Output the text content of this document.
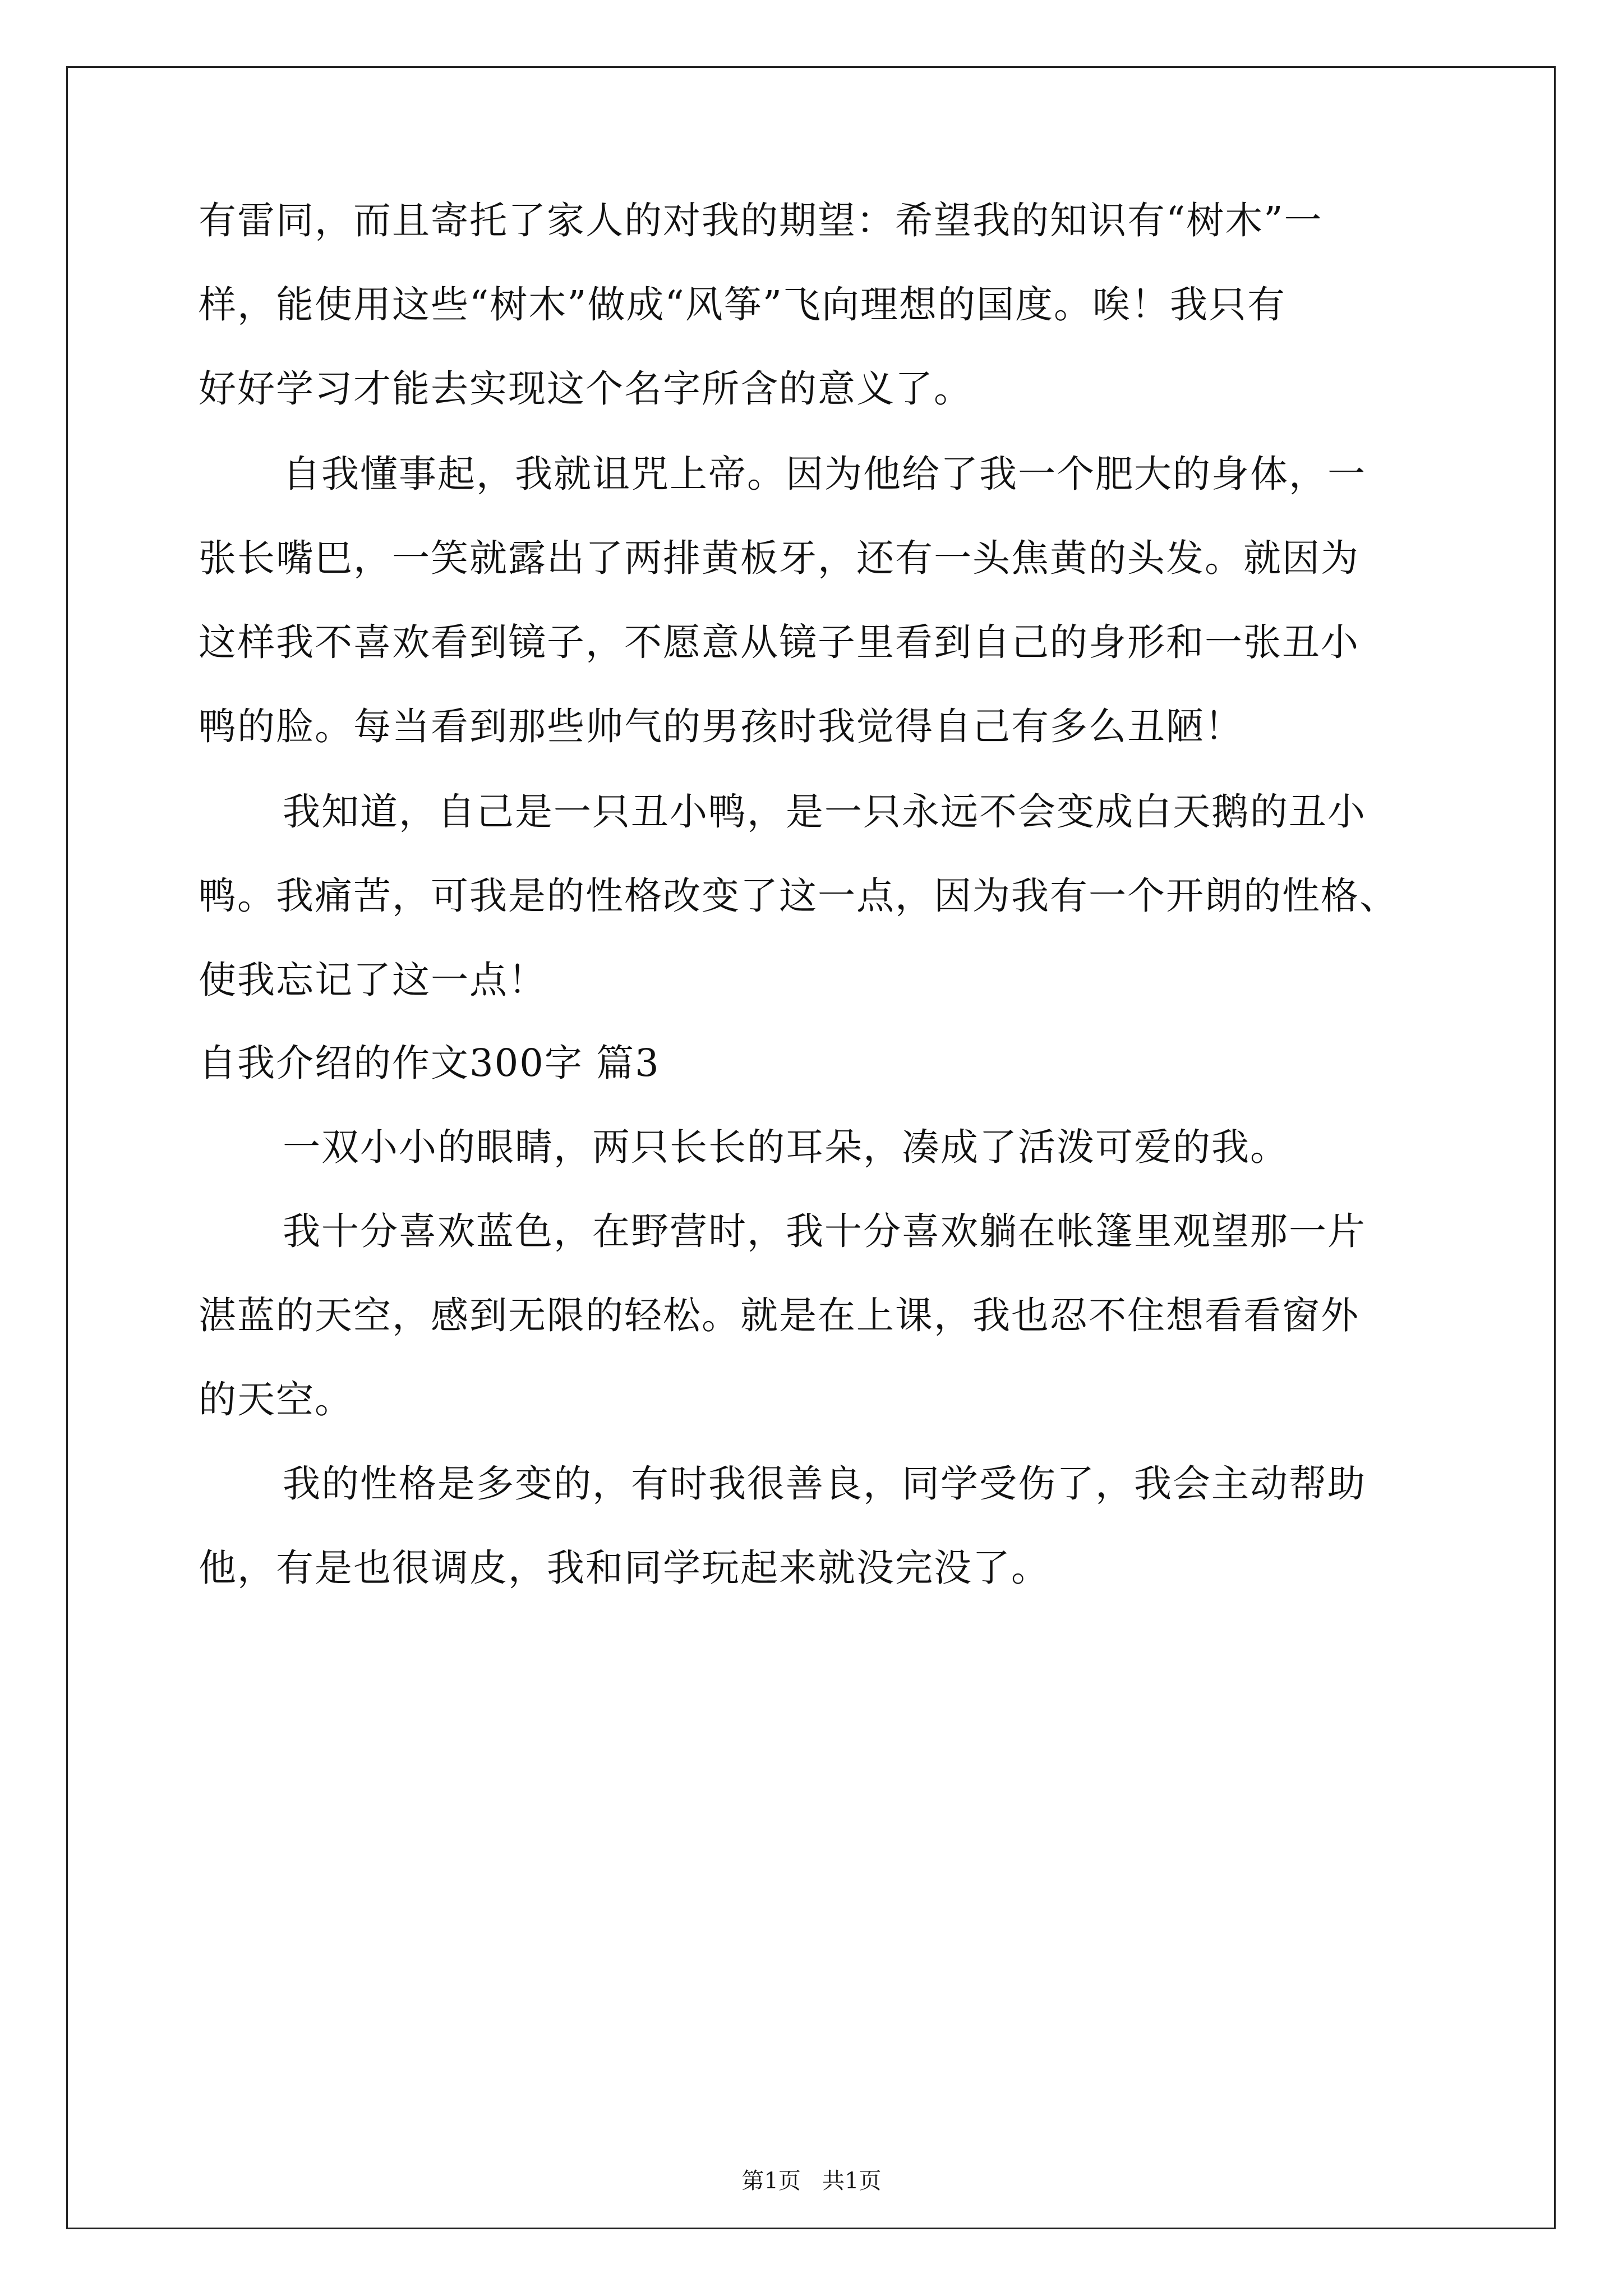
有雷同，而且寄托了家人的对我的期望：希望我的知识有“树木”一
样，能使用这些“树木”做成“风筝”飞向理想的国度。唉！我只有
好好学习才能去实现这个名字所含的意义了。
自我懂事起，我就诅咒上帝。因为他给了我一个肥大的身体，一
张长嘴巴，一笑就露出了两排黄板牙，还有一头焦黄的头发。就因为
这样我不喜欢看到镜子，不愿意从镜子里看到自己的身形和一张丑小
鸭的脸。每当看到那些帅气的男孩时我觉得自己有多么丑陋！
我知道，自己是一只丑小鸭，是一只永远不会变成白天鹅的丑小
鸭。我痛苦，可我是的性格改变了这一点，因为我有一个开朗的性格、
使我忘记了这一点！
自我介绍的作文300字 篇3
一双小小的眼睛，两只长长的耳朵，凑成了活泼可爱的我。
我十分喜欢蓝色，在野营时，我十分喜欢躺在帐篷里观望那一片
湛蓝的天空，感到无限的轻松。就是在上课，我也忍不住想看看窗外
的天空。
我的性格是多变的，有时我很善良，同学受伤了，我会主动帮助
他，有是也很调皮，我和同学玩起来就没完没了。
第1页   共1页
